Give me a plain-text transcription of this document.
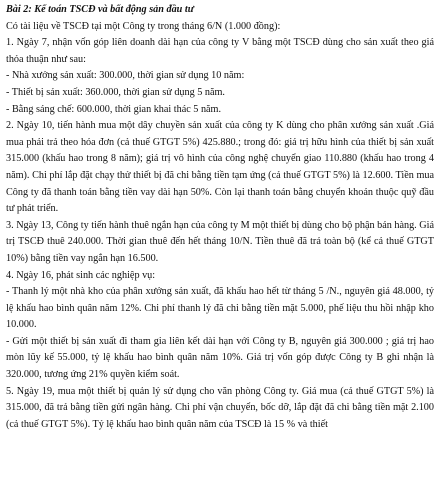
Bài 2: Kế toán TSCĐ và bất động sản đầu tư
Có tài liệu về TSCĐ tại một Công ty trong tháng 6/N (1.000 đồng):
1. Ngày 7, nhận vốn góp liên doanh dài hạn của công ty V bằng một TSCĐ dùng cho sản xuất theo giá thỏa thuận như sau:
- Nhà xưởng sản xuất: 300.000, thời gian sử dụng 10 năm:
- Thiết bị sản xuất: 360.000, thời gian sử dụng 5 năm.
- Bằng sáng chế: 600.000, thời gian khai thác 5 năm.
2. Ngày 10, tiến hành mua một dây chuyền sản xuất của công ty K dùng cho phân xưởng sản xuất .Giá mua phải trả theo hóa đơn (cả thuế GTGT 5%) 425.880.; trong đó: giá trị hữu hình của thiết bị sản xuất 315.000 (khấu hao trong 8 năm); giá trị vô hình của công nghệ chuyển giao 110.880 (khấu hao trong 4 năm). Chi phí lắp đặt chạy thử thiết bị đã chi bằng tiền tạm ứng (cả thuế GTGT 5%) là 12.600. Tiền mua Công ty đã thanh toán bằng tiền vay dài hạn 50%. Còn lại thanh toán bằng chuyển khoản thuộc quỹ đầu tư phát triển.
3. Ngày 13, Công ty tiến hành thuê ngắn hạn của công ty M một thiết bị dùng cho bộ phận bán hàng. Giá trị TSCĐ thuê 240.000. Thời gian thuê đến hết tháng 10/N. Tiền thuê đã trả toàn bộ (kể cả thuế GTGT 10%) bằng tiền vay ngắn hạn 16.500.
4. Ngày 16, phát sinh các nghiệp vụ:
- Thanh lý một nhà kho của phân xưởng sản xuất, đã khấu hao hết từ tháng 5 /N., nguyên giá 48.000, tỷ lệ khấu hao bình quân năm 12%. Chi phí thanh lý đã chi bằng tiền mặt 5.000, phế liệu thu hồi nhập kho 10.000.
- Gửi một thiết bị sản xuất đi tham gia liên kết dài hạn với Công ty B, nguyên giá 300.000 ; giá trị hao mòn lũy kế 55.000, tỷ lệ khấu hao bình quân năm 10%. Giá trị vốn góp được Công ty B ghi nhận là 320.000, tương ứng 21% quyền kiểm soát.
5. Ngày 19, mua một thiết bị quản lý sử dụng cho văn phòng Công ty. Giá mua (cả thuế GTGT 5%) là 315.000, đã trả bằng tiền gửi ngân hàng. Chi phí vận chuyển, bốc dỡ, lắp đặt đã chi bằng tiền mặt 2.100 (cả thuế GTGT 5%). Tỷ lệ khấu hao bình quân năm của TSCĐ là 15 % và thiết
